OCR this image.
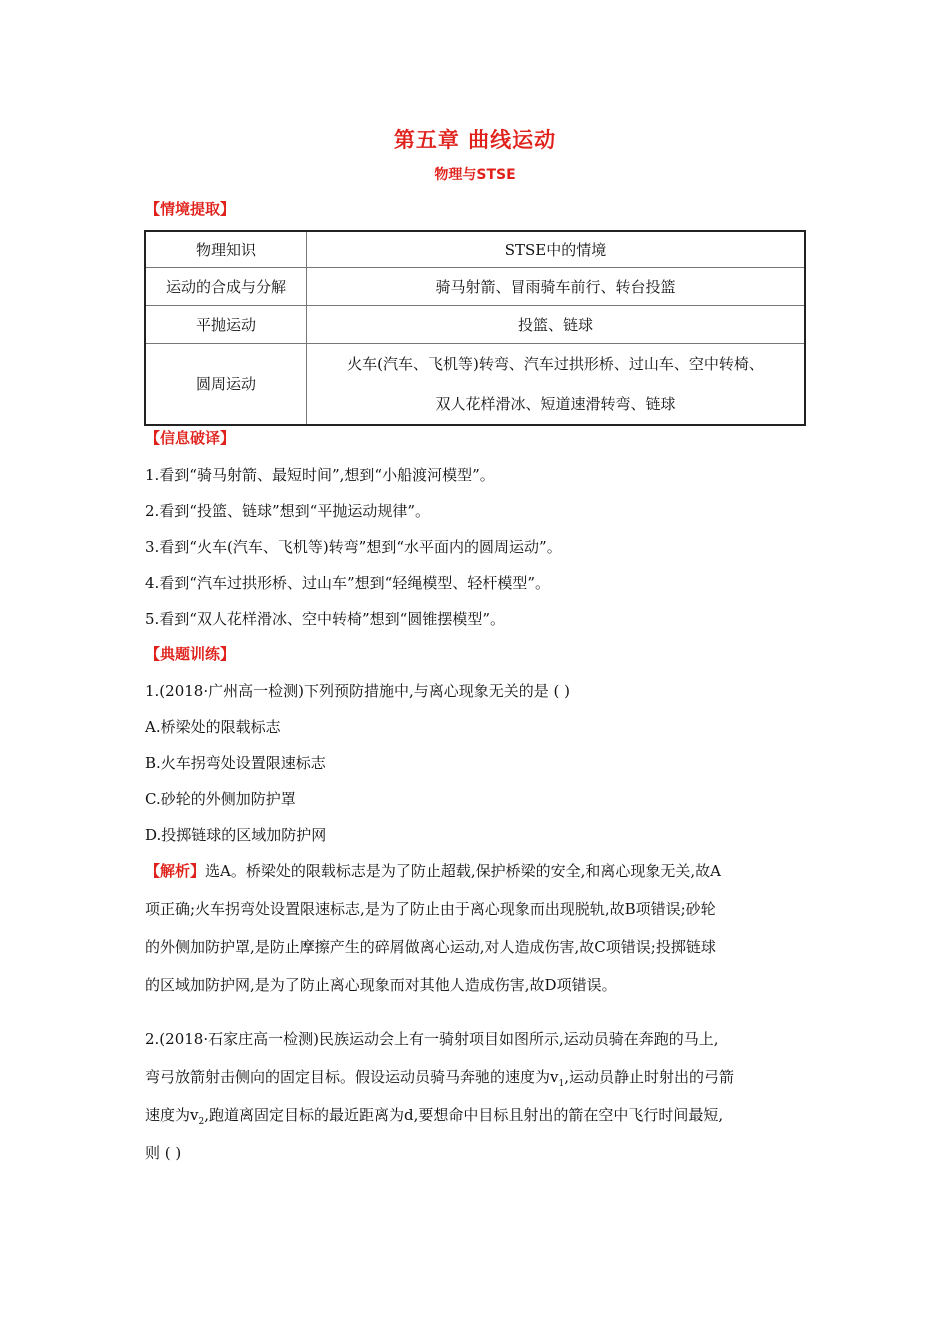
第五章 曲线运动
物理与STSE
【情境提取】
物理知识	STSE中的情境
运动的合成与分解	骑马射箭、冒雨骑车前行、转台投篮
平抛运动	投篮、链球
圆周运动	火车(汽车、飞机等)转弯、汽车过拱形桥、过山车、空中转椅、
双人花样滑冰、短道速滑转弯、链球
【信息破译】
1.看到“骑马射箭、最短时间”,想到“小船渡河模型”。
2.看到“投篮、链球”想到“平抛运动规律”。
3.看到“火车(汽车、飞机等)转弯”想到“水平面内的圆周运动”。
4.看到“汽车过拱形桥、过山车”想到“轻绳模型、轻杆模型”。
5.看到“双人花样滑冰、空中转椅”想到“圆锥摆模型”。
【典题训练】
1.(2018·广州高一检测)下列预防措施中,与离心现象无关的是 ( )
A.桥梁处的限载标志
B.火车拐弯处设置限速标志
C.砂轮的外侧加防护罩
D.投掷链球的区域加防护网
【解析】选A。桥梁处的限载标志是为了防止超载,保护桥梁的安全,和离心现象无关,故A
项正确;火车拐弯处设置限速标志,是为了防止由于离心现象而出现脱轨,故B项错误;砂轮
的外侧加防护罩,是防止摩擦产生的碎屑做离心运动,对人造成伤害,故C项错误;投掷链球
的区域加防护网,是为了防止离心现象而对其他人造成伤害,故D项错误。
2.(2018·石家庄高一检测)民族运动会上有一骑射项目如图所示,运动员骑在奔跑的马上,
弯弓放箭射击侧向的固定目标。假设运动员骑马奔驰的速度为$v_1$,运动员静止时射出的弓箭
速度为$v_2$,跑道离固定目标的最近距离为d,要想命中目标且射出的箭在空中飞行时间最短,
则 ( )
